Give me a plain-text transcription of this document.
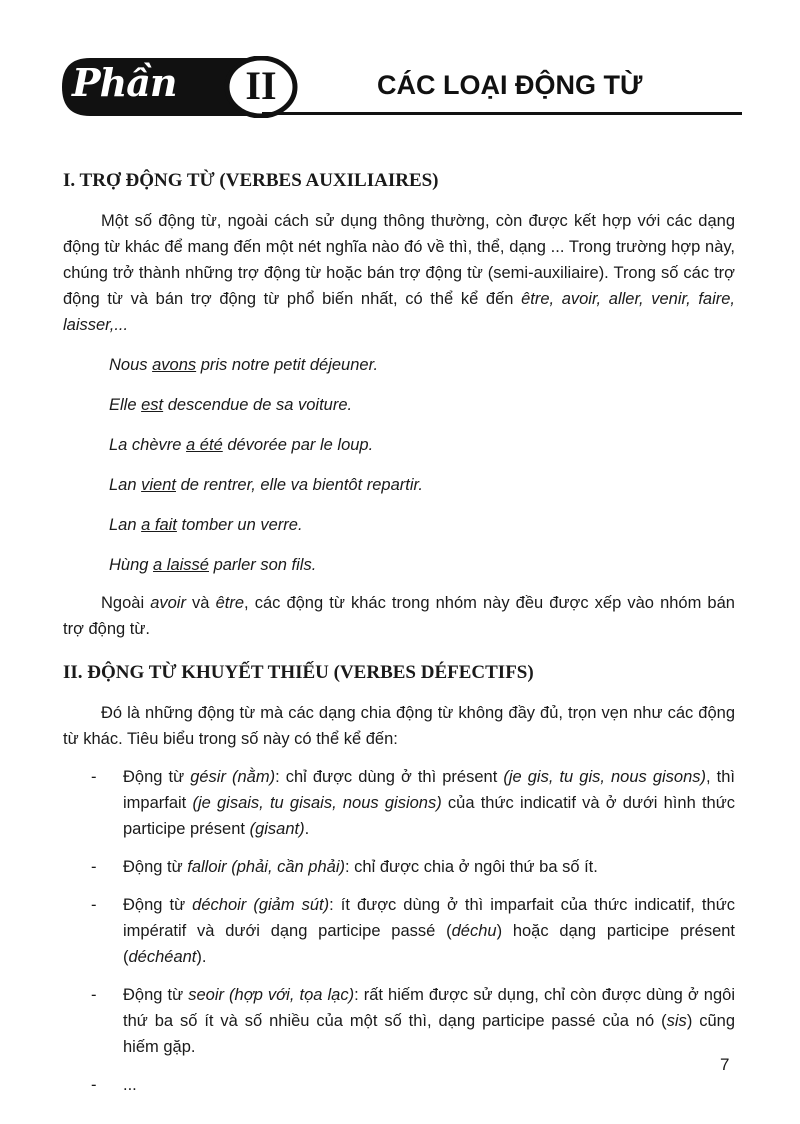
Phần	II	CÁC LOẠI ĐỘNG TỪ
I. TRỢ ĐỘNG TỪ (VERBES AUXILIAIRES)

Một số động từ, ngoài cách sử dụng thông thường, còn được kết hợp với các dạng động từ khác để mang đến một nét nghĩa nào đó về thì, thể, dạng ... Trong trường hợp này, chúng trở thành những trợ động từ hoặc bán trợ động từ (semi-auxiliaire). Trong số các trợ động từ và bán trợ động từ phổ biến nhất, có thể kể đến être, avoir, aller, venir, faire, laisser,...

Nous avons pris notre petit déjeuner.

Elle est descendue de sa voiture.

La chèvre a été dévorée par le loup.

Lan vient de rentrer, elle va bientôt repartir.

Lan a fait tomber un verre.

Hùng a laissé parler son fils.

Ngoài avoir và être, các động từ khác trong nhóm này đều được xếp vào nhóm bán trợ động từ.

II. ĐỘNG TỪ KHUYẾT THIẾU (VERBES DÉFECTIFS)

Đó là những động từ mà các dạng chia động từ không đầy đủ, trọn vẹn như các động từ khác. Tiêu biểu trong số này có thể kể đến:

- Động từ gésir (nằm): chỉ được dùng ở thì présent (je gis, tu gis, nous gisons), thì imparfait (je gisais, tu gisais, nous gisions) của thức indicatif và ở dưới hình thức participe présent (gisant).
- Động từ falloir (phải, cần phải): chỉ được chia ở ngôi thứ ba số ít.
- Động từ déchoir (giảm sút): ít được dùng ở thì imparfait của thức indicatif, thức impératif và dưới dạng participe passé (déchu) hoặc dạng participe présent (déchéant).
- Động từ seoir (hợp với, tọa lạc): rất hiếm được sử dụng, chỉ còn được dùng ở ngôi thứ ba số ít và số nhiều của một số thì, dạng participe passé của nó (sis) cũng hiếm gặp.
- ...
7
